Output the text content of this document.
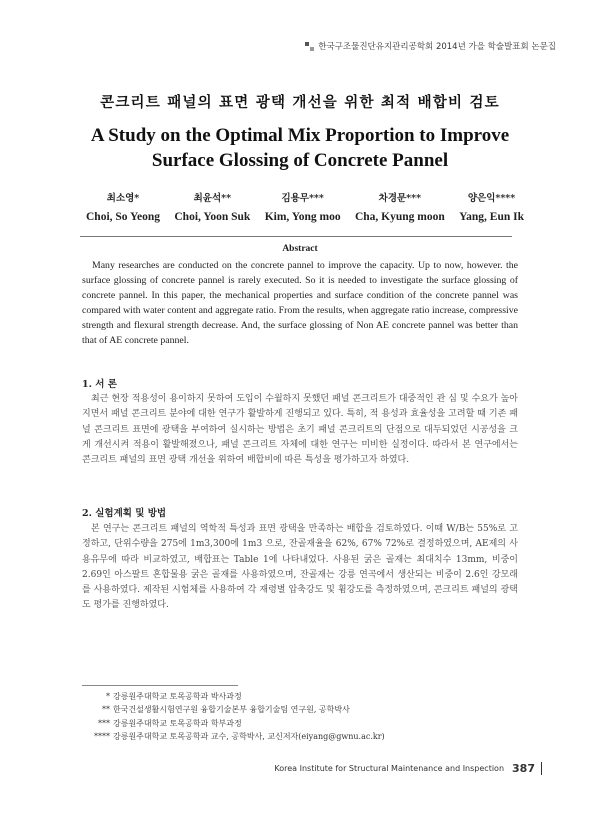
한국구조물진단유지관리공학회 2014년 가을 학술발표회 논문집
콘크리트 패널의 표면 광택 개선을 위한 최적 배합비 검토
A Study on the Optimal Mix Proportion to Improve Surface Glossing of Concrete Pannel
최소영*
Choi, So Yeong
최윤석**
Choi, Yoon Suk
김용무***
Kim, Yong moo
차경문***
Cha, Kyung moon
양은익****
Yang, Eun Ik
Abstract
Many researches are conducted on the concrete pannel to improve the capacity. Up to now, however. the surface glossing of concrete pannel is rarely executed. So it is needed to investigate the surface glossing of concrete pannel. In this paper, the mechanical properties and surface condition of the concrete pannel was compared with water content and aggregate ratio. From the results, when aggregate ratio increase, compressive strength and flexural strength decrease. And, the surface glossing of Non AE concrete pannel was better than that of AE concrete pannel.
1. 서 론
최근 현장 적용성이 용이하지 못하여 도입이 수월하지 못했던 패널 콘크리트가 대중적인 관 심 및 수요가 높아지면서 패널 콘크리트 분야에 대한 연구가 활발하게 진행되고 있다. 특히, 적 용성과 효율성을 고려할 때 기존 패널 콘크리트 표면에 광택을 부여하여 실시하는 방법은 초기 패널 콘크리트의 단점으로 대두되었던 시공성을 크게 개선시켜 적용이 활발해졌으나, 패널 콘크리트 자체에 대한 연구는 미비한 실정이다. 따라서 본 연구에서는 콘크리트 패널의 표면 광택 개선을 위하여 배합비에 따른 특성을 평가하고자 하였다.
2. 실험계획 및 방법
본 연구는 콘크리트 패널의 역학적 특성과 표면 광택을 만족하는 배합을 검토하였다. 이때 W/B는 55%로 고정하고, 단위수량을 275에 1m3,300에 1m3 으로, 잔골재율을 62%, 67% 72%로 결정하였으며, AE제의 사용유무에 따라 비교하였고, 배합표는 Table 1에 나타내었다. 사용된 굵은 골재는 최대치수 13mm, 비중이 2.69인 아스팔트 혼합물용 굵은 골재를 사용하였으며, 잔골재는 강릉 연곡에서 생산되는 비중이 2.6인 강모래를 사용하였다. 제작된 시험체를 사용하여 각 재령별 압축강도 및 휨강도를 측정하였으며, 콘크리트 패널의 광택도 평가를 진행하였다.
* 강릉원주대학교 토목공학과 박사과정
** 한국건설생활시험연구원 융합기술본부 융합기술팀 연구원, 공학박사
*** 강릉원주대학교 토목공학과 학부과정
**** 강릉원주대학교 토목공학과 교수, 공학박사, 교신저자(eiyang@gwnu.ac.kr)
Korea Institute for Structural Maintenance and Inspection 387
